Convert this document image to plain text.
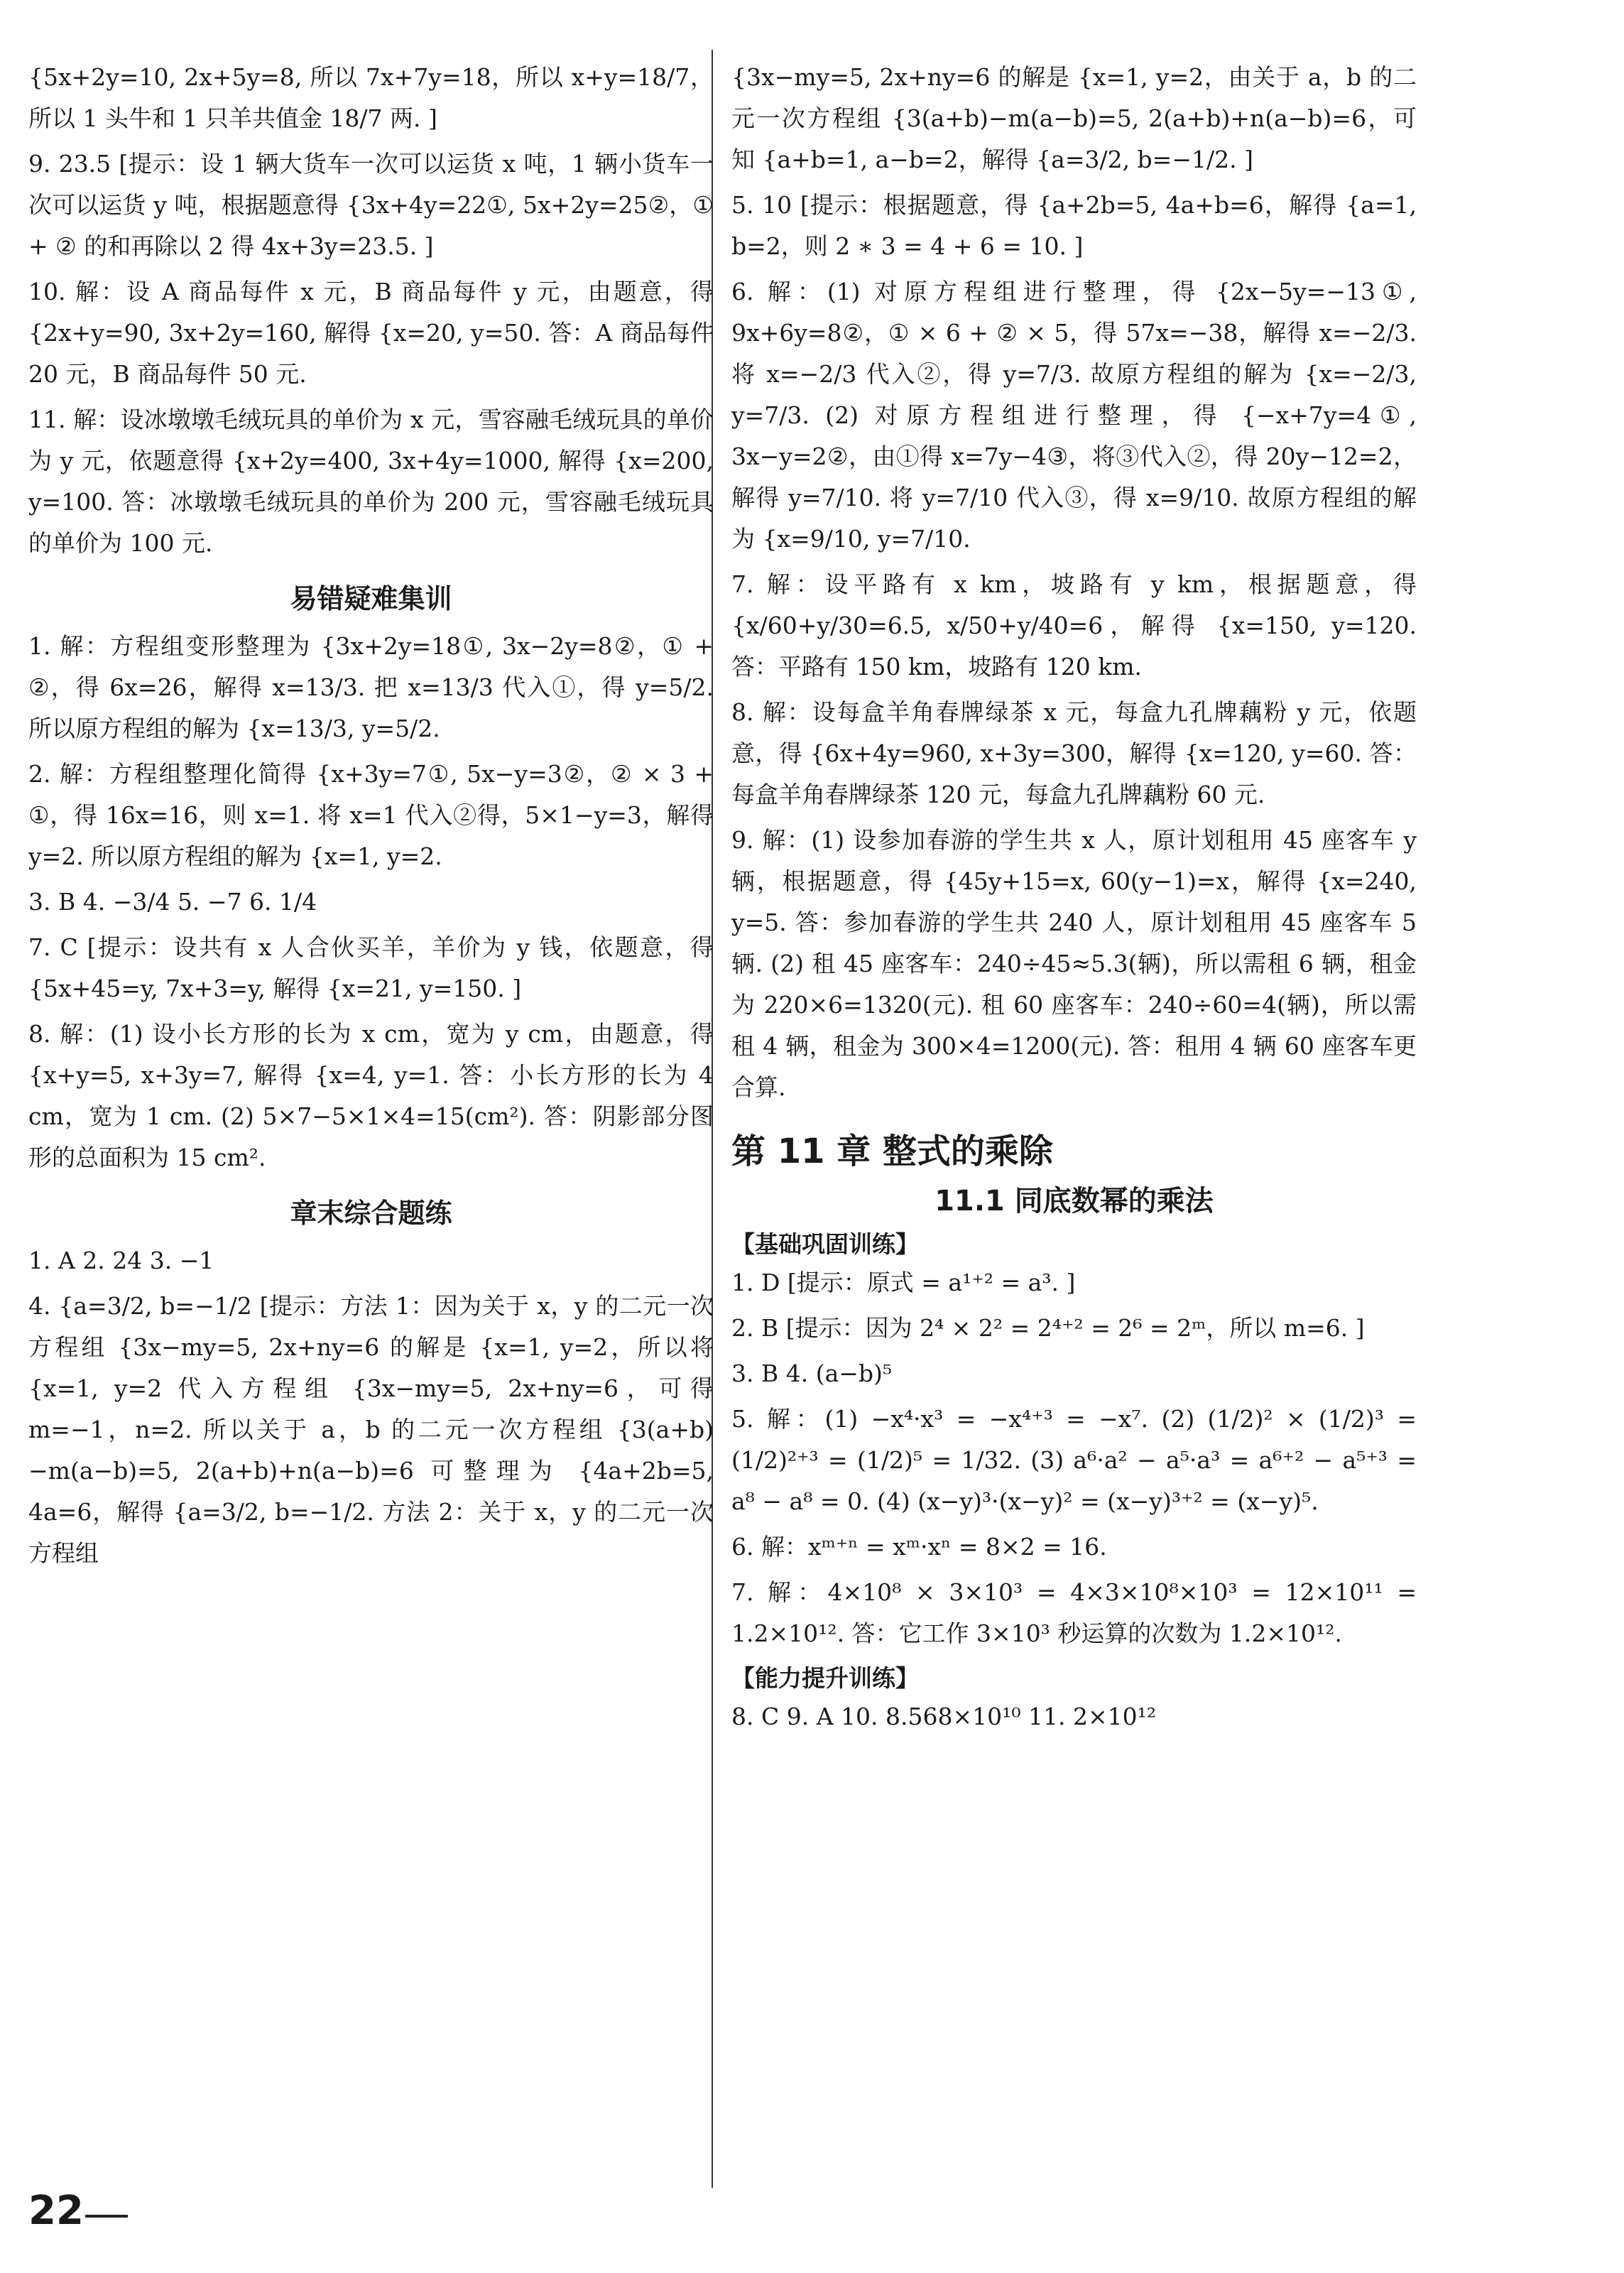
{5x+2y=10, 2x+5y=8, 所以 7x+7y=18，所以 x+y=18/7，所以 1 头牛和 1 只羊共值金 18/7 两. ]

9. 23.5 [提示：设 1 辆大货车一次可以运货 x 吨，1 辆小货车一次可以运货 y 吨，根据题意得 {3x+4y=22①, 5x+2y=25②，① + ② 的和再除以 2 得 4x+3y=23.5. ]

10. 解：设 A 商品每件 x 元，B 商品每件 y 元，由题意，得 {2x+y=90, 3x+2y=160, 解得 {x=20, y=50. 答：A 商品每件 20 元，B 商品每件 50 元.

11. 解：设冰墩墩毛绒玩具的单价为 x 元，雪容融毛绒玩具的单价为 y 元，依题意得 {x+2y=400, 3x+4y=1000, 解得 {x=200, y=100. 答：冰墩墩毛绒玩具的单价为 200 元，雪容融毛绒玩具的单价为 100 元.

易错疑难集训

1. 解：方程组变形整理为 {3x+2y=18①, 3x−2y=8②，① + ②，得 6x=26，解得 x=13/3. 把 x=13/3 代入①，得 y=5/2. 所以原方程组的解为 {x=13/3, y=5/2.

2. 解：方程组整理化简得 {x+3y=7①, 5x−y=3②，② × 3 + ①，得 16x=16，则 x=1. 将 x=1 代入②得，5×1−y=3，解得 y=2. 所以原方程组的解为 {x=1, y=2.

3. B 4. −3/4 5. −7 6. 1/4

7. C [提示：设共有 x 人合伙买羊，羊价为 y 钱，依题意，得 {5x+45=y, 7x+3=y, 解得 {x=21, y=150. ]

8. 解：(1) 设小长方形的长为 x cm，宽为 y cm，由题意，得 {x+y=5, x+3y=7, 解得 {x=4, y=1. 答：小长方形的长为 4 cm，宽为 1 cm. (2) 5×7−5×1×4=15(cm²). 答：阴影部分图形的总面积为 15 cm².

章末综合题练

1. A 2. 24 3. −1

4. {a=3/2, b=−1/2 [提示：方法 1：因为关于 x，y 的二元一次方程组 {3x−my=5, 2x+ny=6 的解是 {x=1, y=2，所以将 {x=1, y=2 代入方程组 {3x−my=5, 2x+ny=6，可得 m=−1，n=2. 所以关于 a，b 的二元一次方程组 {3(a+b)−m(a−b)=5, 2(a+b)+n(a−b)=6 可整理为 {4a+2b=5, 4a=6，解得 {a=3/2, b=−1/2. 方法 2：关于 x，y 的二元一次方程组

{3x−my=5, 2x+ny=6 的解是 {x=1, y=2，由关于 a，b 的二元一次方程组 {3(a+b)−m(a−b)=5, 2(a+b)+n(a−b)=6，可知 {a+b=1, a−b=2，解得 {a=3/2, b=−1/2. ]

5. 10 [提示：根据题意，得 {a+2b=5, 4a+b=6，解得 {a=1, b=2，则 2 ∗ 3 = 4 + 6 = 10. ]

6. 解：(1) 对原方程组进行整理，得 {2x−5y=−13①, 9x+6y=8②，① × 6 + ② × 5，得 57x=−38，解得 x=−2/3. 将 x=−2/3 代入②，得 y=7/3. 故原方程组的解为 {x=−2/3, y=7/3. (2) 对原方程组进行整理，得 {−x+7y=4①, 3x−y=2②，由①得 x=7y−4③，将③代入②，得 20y−12=2，解得 y=7/10. 将 y=7/10 代入③，得 x=9/10. 故原方程组的解为 {x=9/10, y=7/10.

7. 解：设平路有 x km，坡路有 y km，根据题意，得 {x/60+y/30=6.5, x/50+y/40=6，解得 {x=150, y=120. 答：平路有 150 km，坡路有 120 km.

8. 解：设每盒羊角春牌绿茶 x 元，每盒九孔牌藕粉 y 元，依题意，得 {6x+4y=960, x+3y=300，解得 {x=120, y=60. 答：每盒羊角春牌绿茶 120 元，每盒九孔牌藕粉 60 元.

9. 解：(1) 设参加春游的学生共 x 人，原计划租用 45 座客车 y 辆，根据题意，得 {45y+15=x, 60(y−1)=x，解得 {x=240, y=5. 答：参加春游的学生共 240 人，原计划租用 45 座客车 5 辆. (2) 租 45 座客车：240÷45≈5.3(辆)，所以需租 6 辆，租金为 220×6=1320(元). 租 60 座客车：240÷60=4(辆)，所以需租 4 辆，租金为 300×4=1200(元). 答：租用 4 辆 60 座客车更合算.

第 11 章 整式的乘除
11.1 同底数幂的乘法
【基础巩固训练】

1. D [提示：原式 = a¹⁺² = a³. ]

2. B [提示：因为 2⁴ × 2² = 2⁴⁺² = 2⁶ = 2ᵐ，所以 m=6. ]

3. B 4. (a−b)⁵

5. 解：(1) −x⁴·x³ = −x⁴⁺³ = −x⁷. (2) (1/2)² × (1/2)³ = (1/2)²⁺³ = (1/2)⁵ = 1/32. (3) a⁶·a² − a⁵·a³ = a⁶⁺² − a⁵⁺³ = a⁸ − a⁸ = 0. (4) (x−y)³·(x−y)² = (x−y)³⁺² = (x−y)⁵.

6. 解：xᵐ⁺ⁿ = xᵐ·xⁿ = 8×2 = 16.

7. 解：4×10⁸ × 3×10³ = 4×3×10⁸×10³ = 12×10¹¹ = 1.2×10¹². 答：它工作 3×10³ 秒运算的次数为 1.2×10¹².

【能力提升训练】

8. C 9. A 10. 8.568×10¹⁰ 11. 2×10¹²

22
